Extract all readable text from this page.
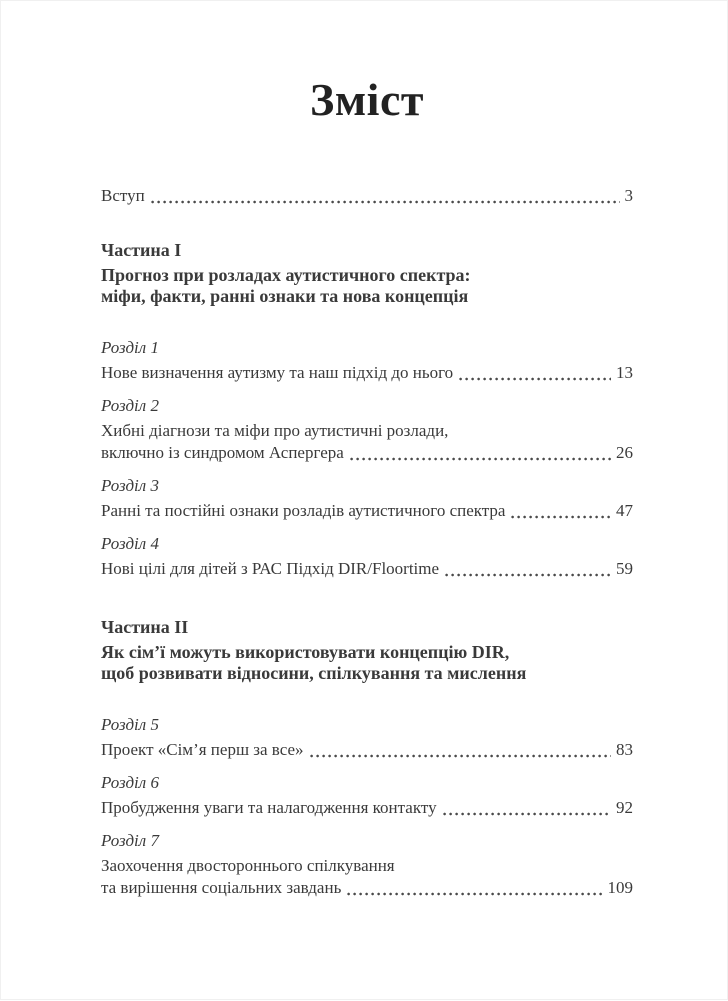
Зміст
Вступ	3
Частина I
Прогноз при розладах аутистичного спектра:
міфи, факти, ранні ознаки та нова концепція
Розділ 1
Нове визначення аутизму та наш підхід до нього	13
Розділ 2
Хибні діагнози та міфи про аутистичні розлади,
включно із синдромом Аспергера	26
Розділ 3
Ранні та постійні ознаки розладів аутистичного спектра	47
Розділ 4
Нові цілі для дітей з РАС Підхід DIR/Floortime	59
Частина II
Як сім’ї можуть використовувати концепцію DIR,
щоб розвивати відносини, спілкування та мислення
Розділ 5
Проект «Сім’я перш за все»	83
Розділ 6
Пробудження уваги та налагодження контакту	92
Розділ 7
Заохочення двостороннього спілкування
та вирішення соціальних завдань	109
